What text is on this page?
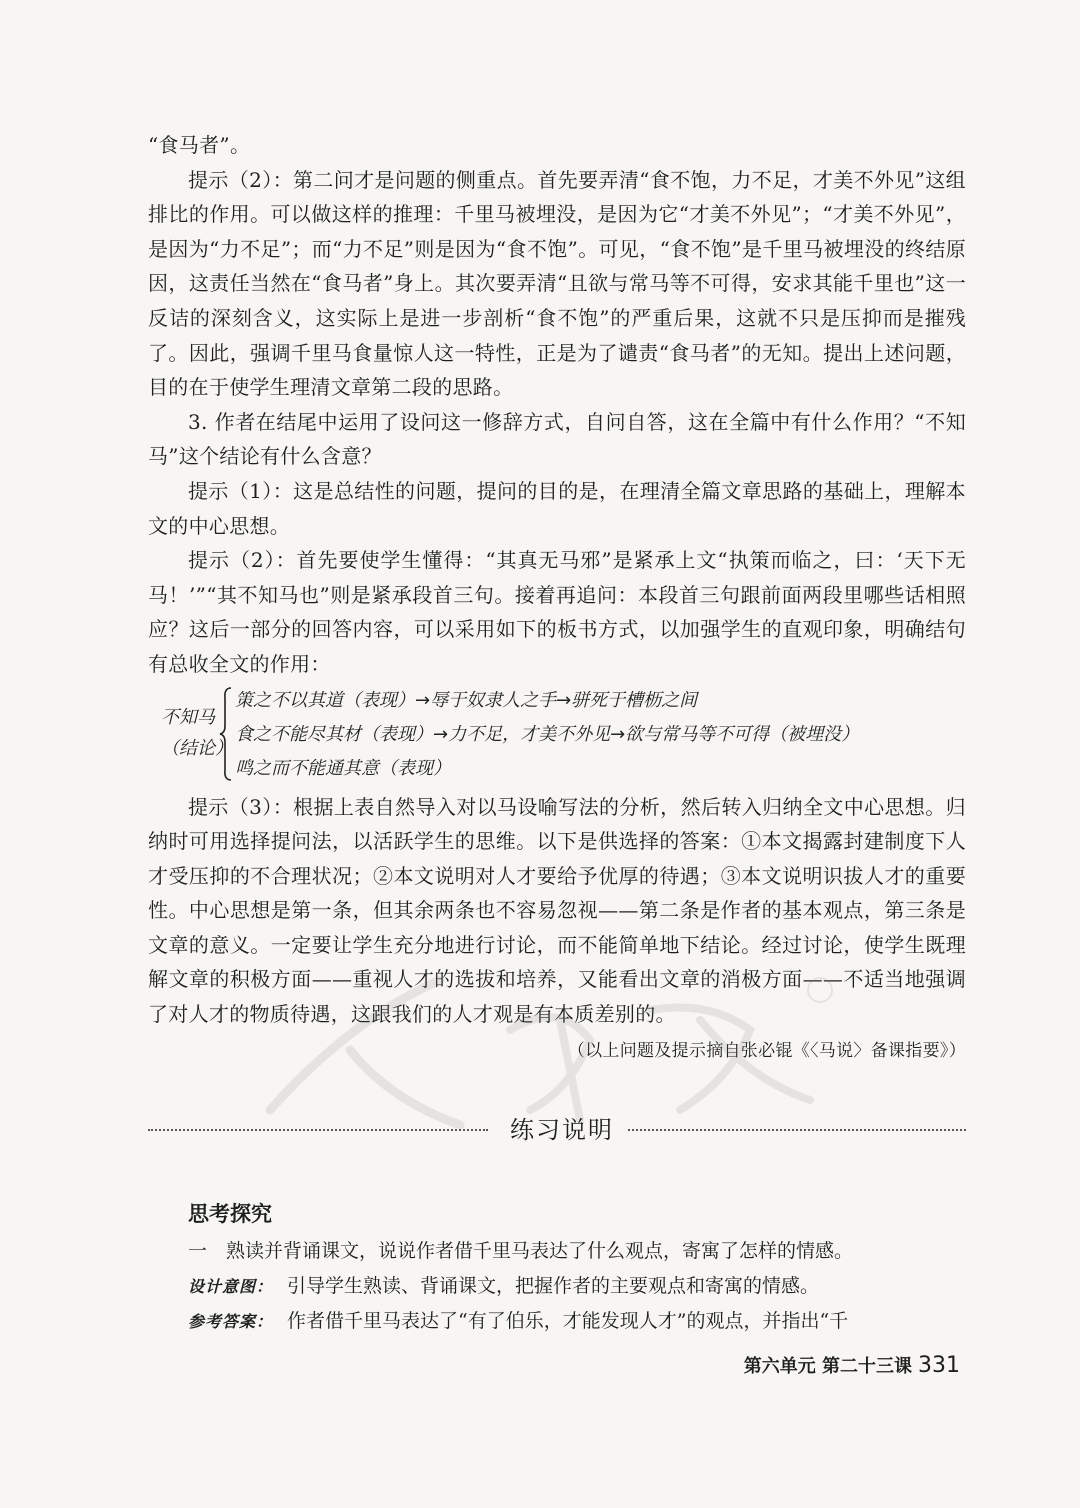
“食马者”。

提示（2）：第二问才是问题的侧重点。首先要弄清“食不饱，力不足，才美不外见”这组排比的作用。可以做这样的推理：千里马被埋没，是因为它“才美不外见”；“才美不外见”，是因为“力不足”；而“力不足”则是因为“食不饱”。可见，“食不饱”是千里马被埋没的终结原因，这责任当然在“食马者”身上。其次要弄清“且欲与常马等不可得，安求其能千里也”这一反诘的深刻含义，这实际上是进一步剖析“食不饱”的严重后果，这就不只是压抑而是摧残了。因此，强调千里马食量惊人这一特性，正是为了谴责“食马者”的无知。提出上述问题，目的在于使学生理清文章第二段的思路。

3. 作者在结尾中运用了设问这一修辞方式，自问自答，这在全篇中有什么作用？“不知马”这个结论有什么含意？

提示（1）：这是总结性的问题，提问的目的是，在理清全篇文章思路的基础上，理解本文的中心思想。

提示（2）：首先要使学生懂得：“其真无马邪”是紧承上文“执策而临之，曰：‘天下无马！’”“其不知马也”则是紧承段首三句。接着再追问：本段首三句跟前面两段里哪些话相照应？这后一部分的回答内容，可以采用如下的板书方式，以加强学生的直观印象，明确结句有总收全文的作用：

提示（3）：根据上表自然导入对以马设喻写法的分析，然后转入归纳全文中心思想。归纳时可用选择提问法，以活跃学生的思维。以下是供选择的答案：①本文揭露封建制度下人才受压抑的不合理状况；②本文说明对人才要给予优厚的待遇；③本文说明识拔人才的重要性。中心思想是第一条，但其余两条也不容易忽视——第二条是作者的基本观点，第三条是文章的意义。一定要让学生充分地进行讨论，而不能简单地下结论。经过讨论，使学生既理解文章的积极方面——重视人才的选拔和培养，又能看出文章的消极方面——不适当地强调了对人才的物质待遇，这跟我们的人才观是有本质差别的。

（以上问题及提示摘自张必锟《〈马说〉备课指要》）

不知马
（结论）
策之不以其道（表现）→辱于奴隶人之手→骈死于槽枥之间
食之不能尽其材（表现）→力不足，才美不外见→欲与常马等不可得（被埋没）
鸣之而不能通其意（表现）
练习说明
思考探究
一　熟读并背诵课文，说说作者借千里马表达了什么观点，寄寓了怎样的情感。
设计意图： 引导学生熟读、背诵课文，把握作者的主要观点和寄寓的情感。
参考答案： 作者借千里马表达了“有了伯乐，才能发现人才”的观点，并指出“千
第六单元 第二十三课 331
